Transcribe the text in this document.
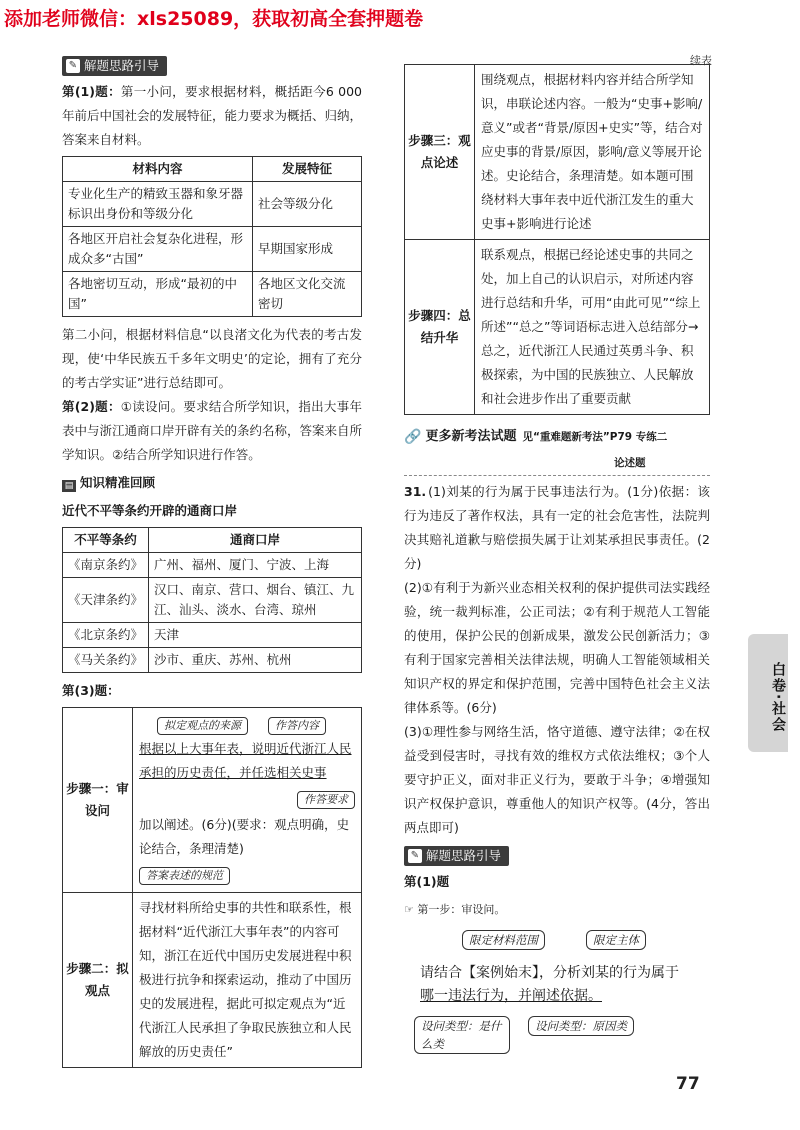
添加老师微信：xls25089，获取初高全套押题卷
续表
✎ 解题思路引导

第(1)题：第一小问，要求根据材料，概括距今6 000年前后中国社会的发展特征，能力要求为概括、归纳，答案来自材料。

材料内容	发展特征
专业化生产的精致玉器和象牙器标识出身份和等级分化	社会等级分化
各地区开启社会复杂化进程，形成众多“古国”	早期国家形成
各地密切互动，形成“最初的中国”	各地区文化交流密切

第二小问，根据材料信息“以良渚文化为代表的考古发现，使‘中华民族五千多年文明史’的定论，拥有了充分的考古学实证”进行总结即可。

第(2)题：①读设问。要求结合所学知识，指出大事年表中与浙江通商口岸开辟有关的条约名称，答案来自所学知识。②结合所学知识进行作答。

▤ 知识精准回顾
近代不平等条约开辟的通商口岸
不平等条约	通商口岸
《南京条约》	广州、福州、厦门、宁波、上海
《天津条约》	汉口、南京、营口、烟台、镇江、九江、汕头、淡水、台湾、琼州
《北京条约》	天津
《马关条约》	沙市、重庆、苏州、杭州

第(3)题：

步骤一：审设问	拟定观点的来源 作答内容
根据以上大事年表，说明近代浙江人民承担的历史责任，并任选相关史事
作答要求
加以阐述。(6分)(要求：观点明确，史论结合，条理清楚)
答案表述的规范

步骤二：拟观点	寻找材料所给史事的共性和联系性，根据材料“近代浙江大事年表”的内容可知，浙江在近代中国历史发展进程中积极进行抗争和探索运动，推动了中国历史的发展进程，据此可拟定观点为“近代浙江人民承担了争取民族独立和人民解放的历史责任”
步骤三：观点论述	围绕观点，根据材料内容并结合所学知识，串联论述内容。一般为“史事+影响/意义”或者“背景/原因+史实”等，结合对应史事的背景/原因，影响/意义等展开论述。史论结合，条理清楚。如本题可围绕材料大事年表中近代浙江发生的重大史事+影响进行论述
步骤四：总结升华	联系观点，根据已经论述史事的共同之处，加上自己的认识启示，对所述内容进行总结和升华，可用“由此可见”“综上所述”“总之”等词语标志进入总结部分→总之，近代浙江人民通过英勇斗争、积极探索，为中国的民族独立、人民解放和社会进步作出了重要贡献
🔗 更多新考法试题 见“重难题新考法”P79 专练二
论述题

31. (1)刘某的行为属于民事违法行为。(1分)依据：该行为违反了著作权法，具有一定的社会危害性，法院判决其赔礼道歉与赔偿损失属于让刘某承担民事责任。(2分)

(2)①有利于为新兴业态相关权利的保护提供司法实践经验，统一裁判标准，公正司法；②有利于规范人工智能的使用，保护公民的创新成果，激发公民创新活力；③有利于国家完善相关法律法规，明确人工智能领域相关知识产权的界定和保护范围，完善中国特色社会主义法律体系等。(6分)

(3)①理性参与网络生活，恪守道德、遵守法律；②在权益受到侵害时，寻找有效的维权方式依法维权；③个人要守护正义，面对非正义行为，要敢于斗争；④增强知识产权保护意识，尊重他人的知识产权等。(4分，答出两点即可)

✎ 解题思路引导

第(1)题

☞ 第一步：审设问。

限定材料范围	限定主体
请结合【案例始末】，分析刘某的行为属于
哪一违法行为，并阐述依据。
设问类型：是什么类
设问类型：原因类
白卷·社会
77
